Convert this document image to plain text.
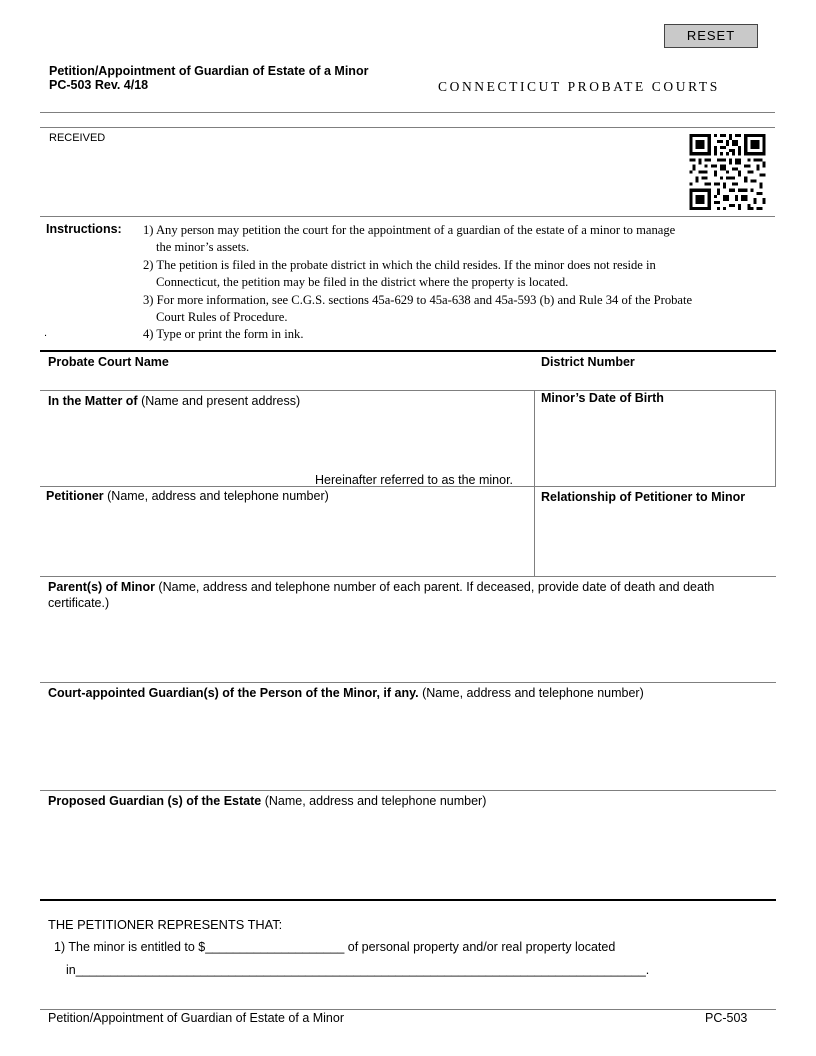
RESET
Petition/Appointment of Guardian of Estate of a Minor
PC-503 Rev. 4/18	CONNECTICUT PROBATE COURTS
RECEIVED
Instructions: 1) Any person may petition the court for the appointment of a guardian of the estate of a minor to manage
the minor’s assets.
2) The petition is filed in the probate district in which the child resides. If the minor does not reside in
Connecticut, the petition may be filed in the district where the property is located.
3) For more information, see C.G.S. sections 45a-629 to 45a-638 and 45a-593 (b) and Rule 34 of the Probate
Court Rules of Procedure.
4) Type or print the form in ink.
.
Probate Court Name	District Number
In the Matter of (Name and present address)
Hereinafter referred to as the minor.
Minor’s Date of Birth
Petitioner (Name, address and telephone number)	Relationship of Petitioner to Minor
Parent(s) of Minor (Name, address and telephone number of each parent. If deceased, provide date of death and death
certificate.)
Court-appointed Guardian(s) of the Person of the Minor, if any. (Name, address and telephone number)
Proposed Guardian (s) of the Estate (Name, address and telephone number)
THE PETITIONER REPRESENTS THAT:
1) The minor is entitled to $____________________ of personal property and/or real property located
in__________________________________________________________________________________.
Petition/Appointment of Guardian of Estate of a Minor	PC-503
